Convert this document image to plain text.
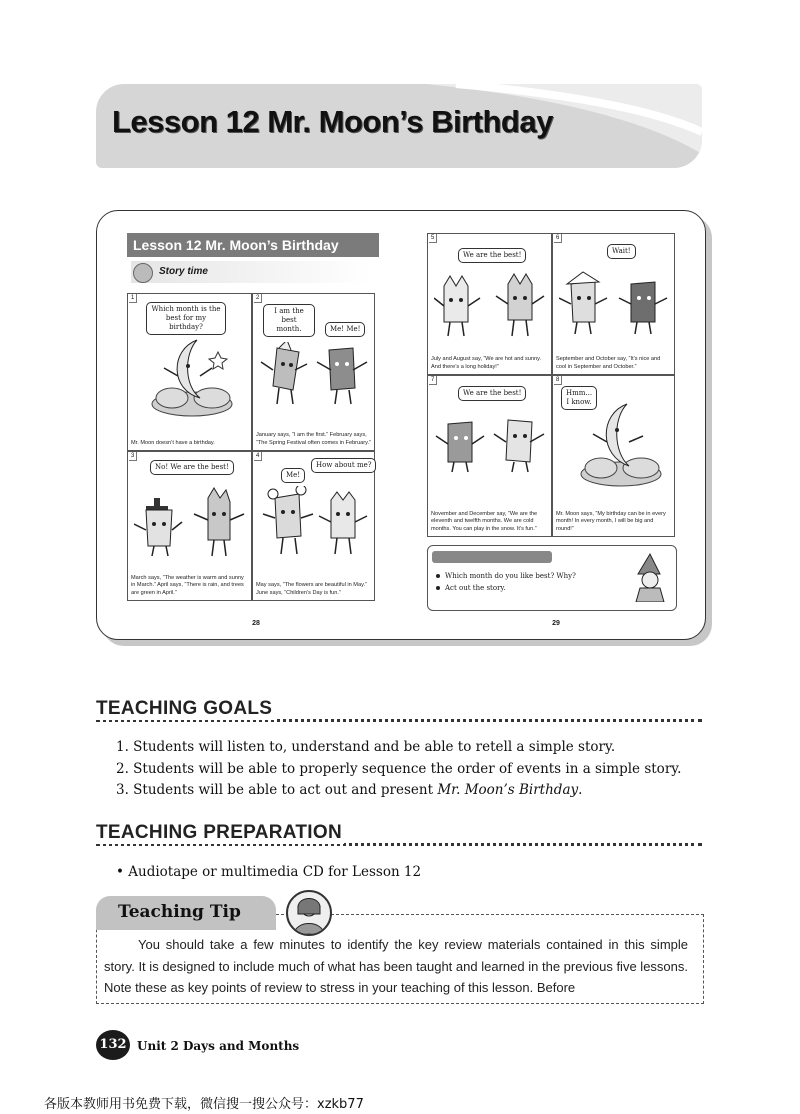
Lesson 12 Mr. Moon’s Birthday
Lesson 12 Mr. Moon’s Birthday
Story time
1
Which month is the best for my birthday?
Mr. Moon doesn’t have a birthday.
2
I am the best month.	Me! Me!
January says, “I am the first.” February says, “The Spring Festival often comes in February.”
3
No! We are the best!
March says, “The weather is warm and sunny in March.” April says, “There is rain, and trees are green in April.”
4
Me!
How about me?
May says, “The flowers are beautiful in May.” June says, “Children’s Day is fun.”
28
5
We are the best!
July and August say, “We are hot and sunny. And there’s a long holiday!”
6
Wait!
September and October say, “It’s nice and cool in September and October.”
7
We are the best!
November and December say, “We are the eleventh and twelfth months. We are cold months. You can play in the snow. It’s fun.”
8
Hmm... I know.
Mr. Moon says, “My birthday can be in every month! In every month, I will be big and round!”
Which month do you like best? Why?
Act out the story.
29
TEACHING GOALS
1. Students will listen to, understand and be able to retell a simple story.
2. Students will be able to properly sequence the order of events in a simple story.
3. Students will be able to act out and present Mr. Moon’s Birthday.
TEACHING PREPARATION
• Audiotape or multimedia CD for Lesson 12
Teaching Tip

You should take a few minutes to identify the key review materials contained in this simple story. It is designed to include much of what has been taught and learned in the previous five lessons. Note these as key points of review to stress in your teaching of this lesson. Before

132 Unit 2 Days and Months
各版本教师用书免费下载，微信搜一搜公众号：xzkb77
